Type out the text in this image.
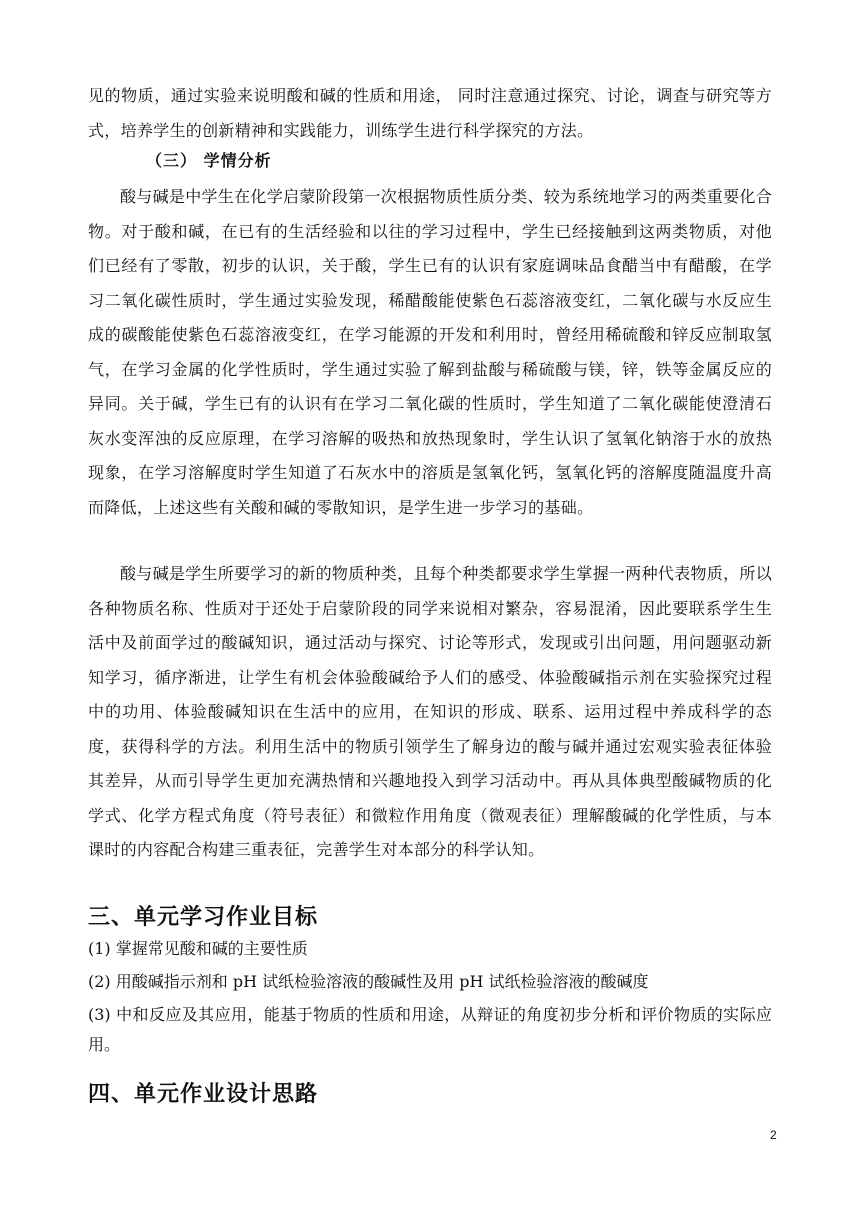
见的物质，通过实验来说明酸和碱的性质和用途， 同时注意通过探究、讨论，调查与研究等方式，培养学生的创新精神和实践能力，训练学生进行科学探究的方法。

（三） 学情分析

酸与碱是中学生在化学启蒙阶段第一次根据物质性质分类、较为系统地学习的两类重要化合物。对于酸和碱，在已有的生活经验和以往的学习过程中，学生已经接触到这两类物质，对他们已经有了零散，初步的认识，关于酸，学生已有的认识有家庭调味品食醋当中有醋酸，在学习二氧化碳性质时，学生通过实验发现，稀醋酸能使紫色石蕊溶液变红，二氧化碳与水反应生成的碳酸能使紫色石蕊溶液变红，在学习能源的开发和利用时，曾经用稀硫酸和锌反应制取氢气，在学习金属的化学性质时，学生通过实验了解到盐酸与稀硫酸与镁，锌，铁等金属反应的异同。关于碱，学生已有的认识有在学习二氧化碳的性质时，学生知道了二氧化碳能使澄清石灰水变浑浊的反应原理，在学习溶解的吸热和放热现象时，学生认识了氢氧化钠溶于水的放热现象，在学习溶解度时学生知道了石灰水中的溶质是氢氧化钙，氢氧化钙的溶解度随温度升高而降低，上述这些有关酸和碱的零散知识，是学生进一步学习的基础。

酸与碱是学生所要学习的新的物质种类，且每个种类都要求学生掌握一两种代表物质，所以各种物质名称、性质对于还处于启蒙阶段的同学来说相对繁杂，容易混淆，因此要联系学生生活中及前面学过的酸碱知识，通过活动与探究、讨论等形式，发现或引出问题，用问题驱动新知学习，循序渐进，让学生有机会体验酸碱给予人们的感受、体验酸碱指示剂在实验探究过程中的功用、体验酸碱知识在生活中的应用，在知识的形成、联系、运用过程中养成科学的态度，获得科学的方法。利用生活中的物质引领学生了解身边的酸与碱并通过宏观实验表征体验其差异，从而引导学生更加充满热情和兴趣地投入到学习活动中。再从具体典型酸碱物质的化学式、化学方程式角度（符号表征）和微粒作用角度（微观表征）理解酸碱的化学性质，与本课时的内容配合构建三重表征，完善学生对本部分的科学认知。

三、单元学习作业目标

(1) 掌握常见酸和碱的主要性质

(2) 用酸碱指示剂和 pH 试纸检验溶液的酸碱性及用 pH 试纸检验溶液的酸碱度

(3) 中和反应及其应用，能基于物质的性质和用途，从辩证的角度初步分析和评价物质的实际应用。

四、单元作业设计思路

2
